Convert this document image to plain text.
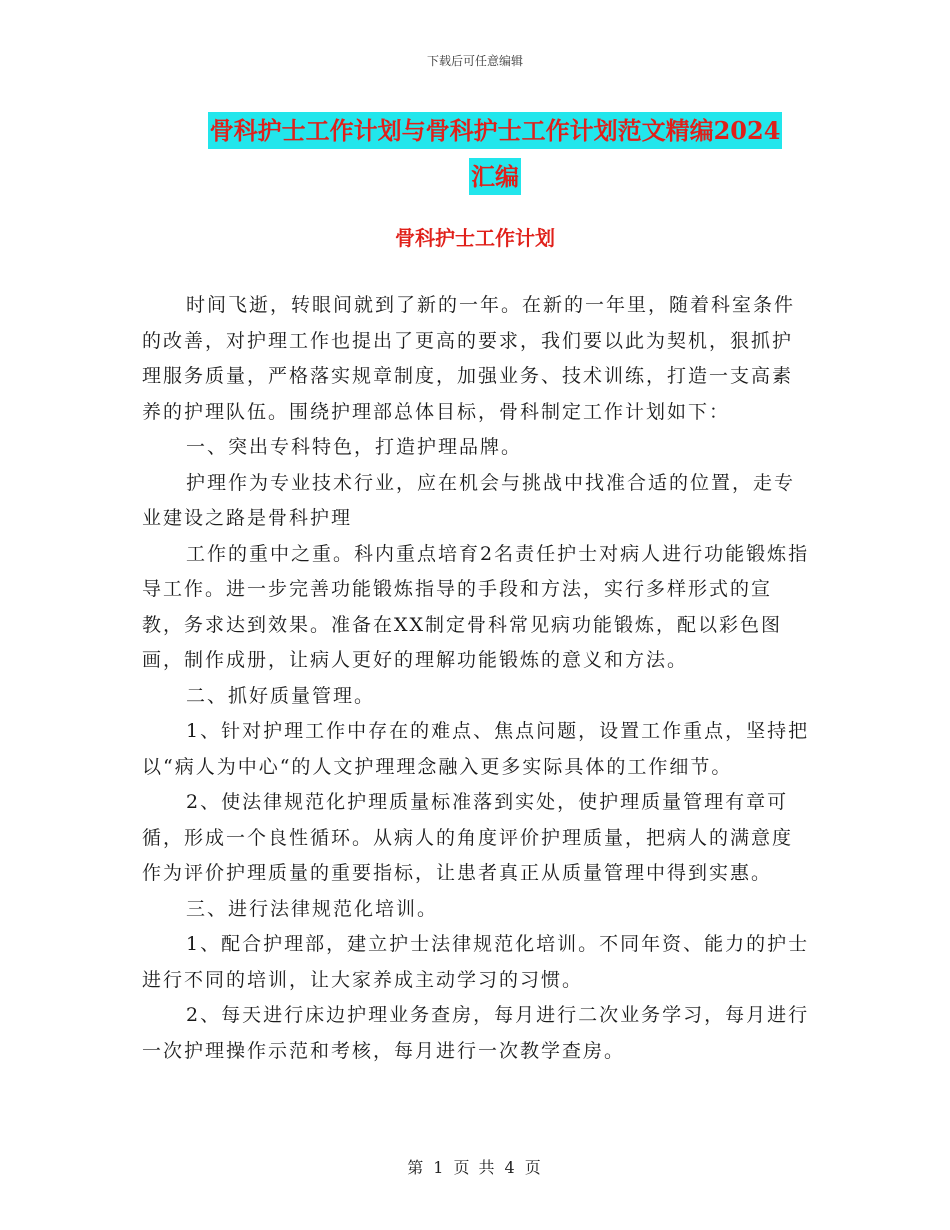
下载后可任意编辑
骨科护士工作计划与骨科护士工作计划范文精编2024
汇编
骨科护士工作计划

时间飞逝，转眼间就到了新的一年。在新的一年里，随着科室条件的改善，对护理工作也提出了更高的要求，我们要以此为契机，狠抓护理服务质量，严格落实规章制度，加强业务、技术训练，打造一支高素养的护理队伍。围绕护理部总体目标，骨科制定工作计划如下：

一、突出专科特色，打造护理品牌。

护理作为专业技术行业，应在机会与挑战中找准合适的位置，走专业建设之路是骨科护理

工作的重中之重。科内重点培育2名责任护士对病人进行功能锻炼指导工作。进一步完善功能锻炼指导的手段和方法，实行多样形式的宣教，务求达到效果。准备在XX制定骨科常见病功能锻炼，配以彩色图画，制作成册，让病人更好的理解功能锻炼的意义和方法。

二、抓好质量管理。

1、针对护理工作中存在的难点、焦点问题，设置工作重点，坚持把以“病人为中心“的人文护理理念融入更多实际具体的工作细节。

2、使法律规范化护理质量标准落到实处，使护理质量管理有章可循，形成一个良性循环。从病人的角度评价护理质量，把病人的满意度作为评价护理质量的重要指标，让患者真正从质量管理中得到实惠。

三、进行法律规范化培训。

1、配合护理部，建立护士法律规范化培训。不同年资、能力的护士进行不同的培训，让大家养成主动学习的习惯。

2、每天进行床边护理业务查房，每月进行二次业务学习，每月进行一次护理操作示范和考核，每月进行一次教学查房。

第 1 页 共 4 页
